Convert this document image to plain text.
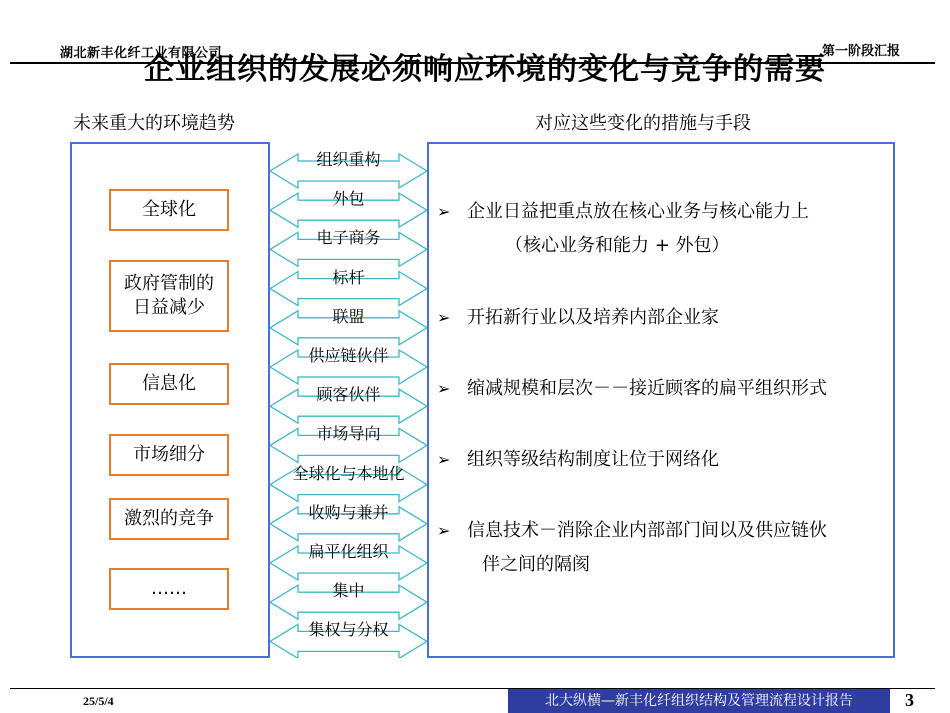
湖北新丰化纤工业有限公司	第一阶段汇报
企业组织的发展必须响应环境的变化与竞争的需要
未来重大的环境趋势	对应这些变化的措施与手段
全球化
政府管制的日益减少
信息化
市场细分
激烈的竞争
……
组织重构
外包
电子商务
标杆
联盟
供应链伙伴
顾客伙伴
市场导向
全球化与本地化
收购与兼并
扁平化组织
集中
集权与分权
➢ 企业日益把重点放在核心业务与核心能力上
（核心业务和能力 + 外包）
➢ 开拓新行业以及培养内部企业家
➢ 缩减规模和层次－－接近顾客的扁平组织形式
➢ 组织等级结构制度让位于网络化
➢ 信息技术－消除企业内部部门间以及供应链伙
伴之间的隔阂
25/5/4	北大纵横—新丰化纤组织结构及管理流程设计报告	3
